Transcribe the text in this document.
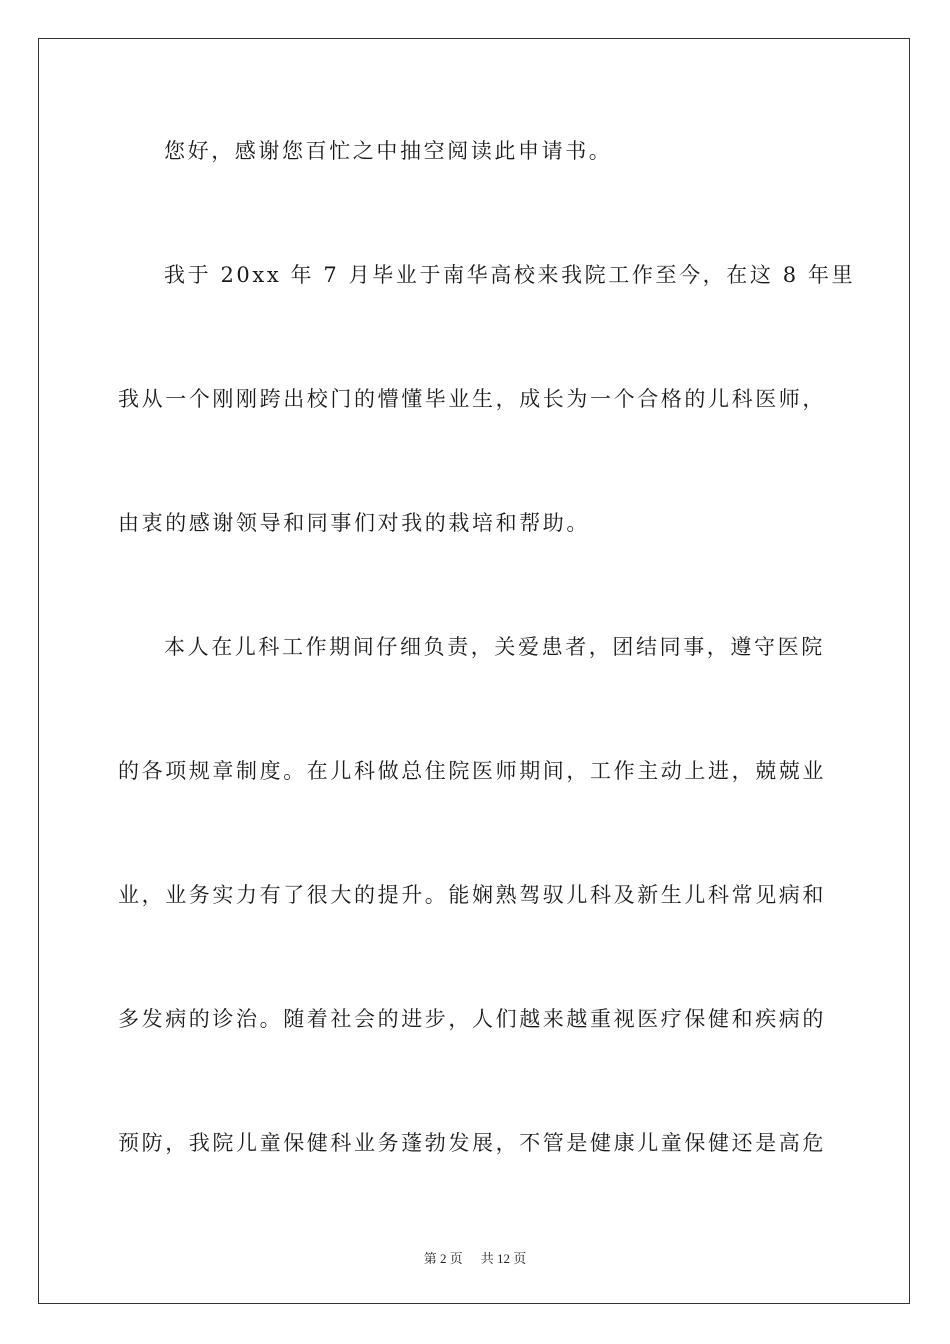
您好，感谢您百忙之中抽空阅读此申请书。
我于 20xx 年 7 月毕业于南华高校来我院工作至今，在这 8 年里
我从一个刚刚跨出校门的懵懂毕业生，成长为一个合格的儿科医师，
由衷的感谢领导和同事们对我的栽培和帮助。
本人在儿科工作期间仔细负责，关爱患者，团结同事，遵守医院
的各项规章制度。在儿科做总住院医师期间，工作主动上进，兢兢业
业，业务实力有了很大的提升。能娴熟驾驭儿科及新生儿科常见病和
多发病的诊治。随着社会的进步，人们越来越重视医疗保健和疾病的
预防，我院儿童保健科业务蓬勃发展，不管是健康儿童保健还是高危
第 2 页 共 12 页
